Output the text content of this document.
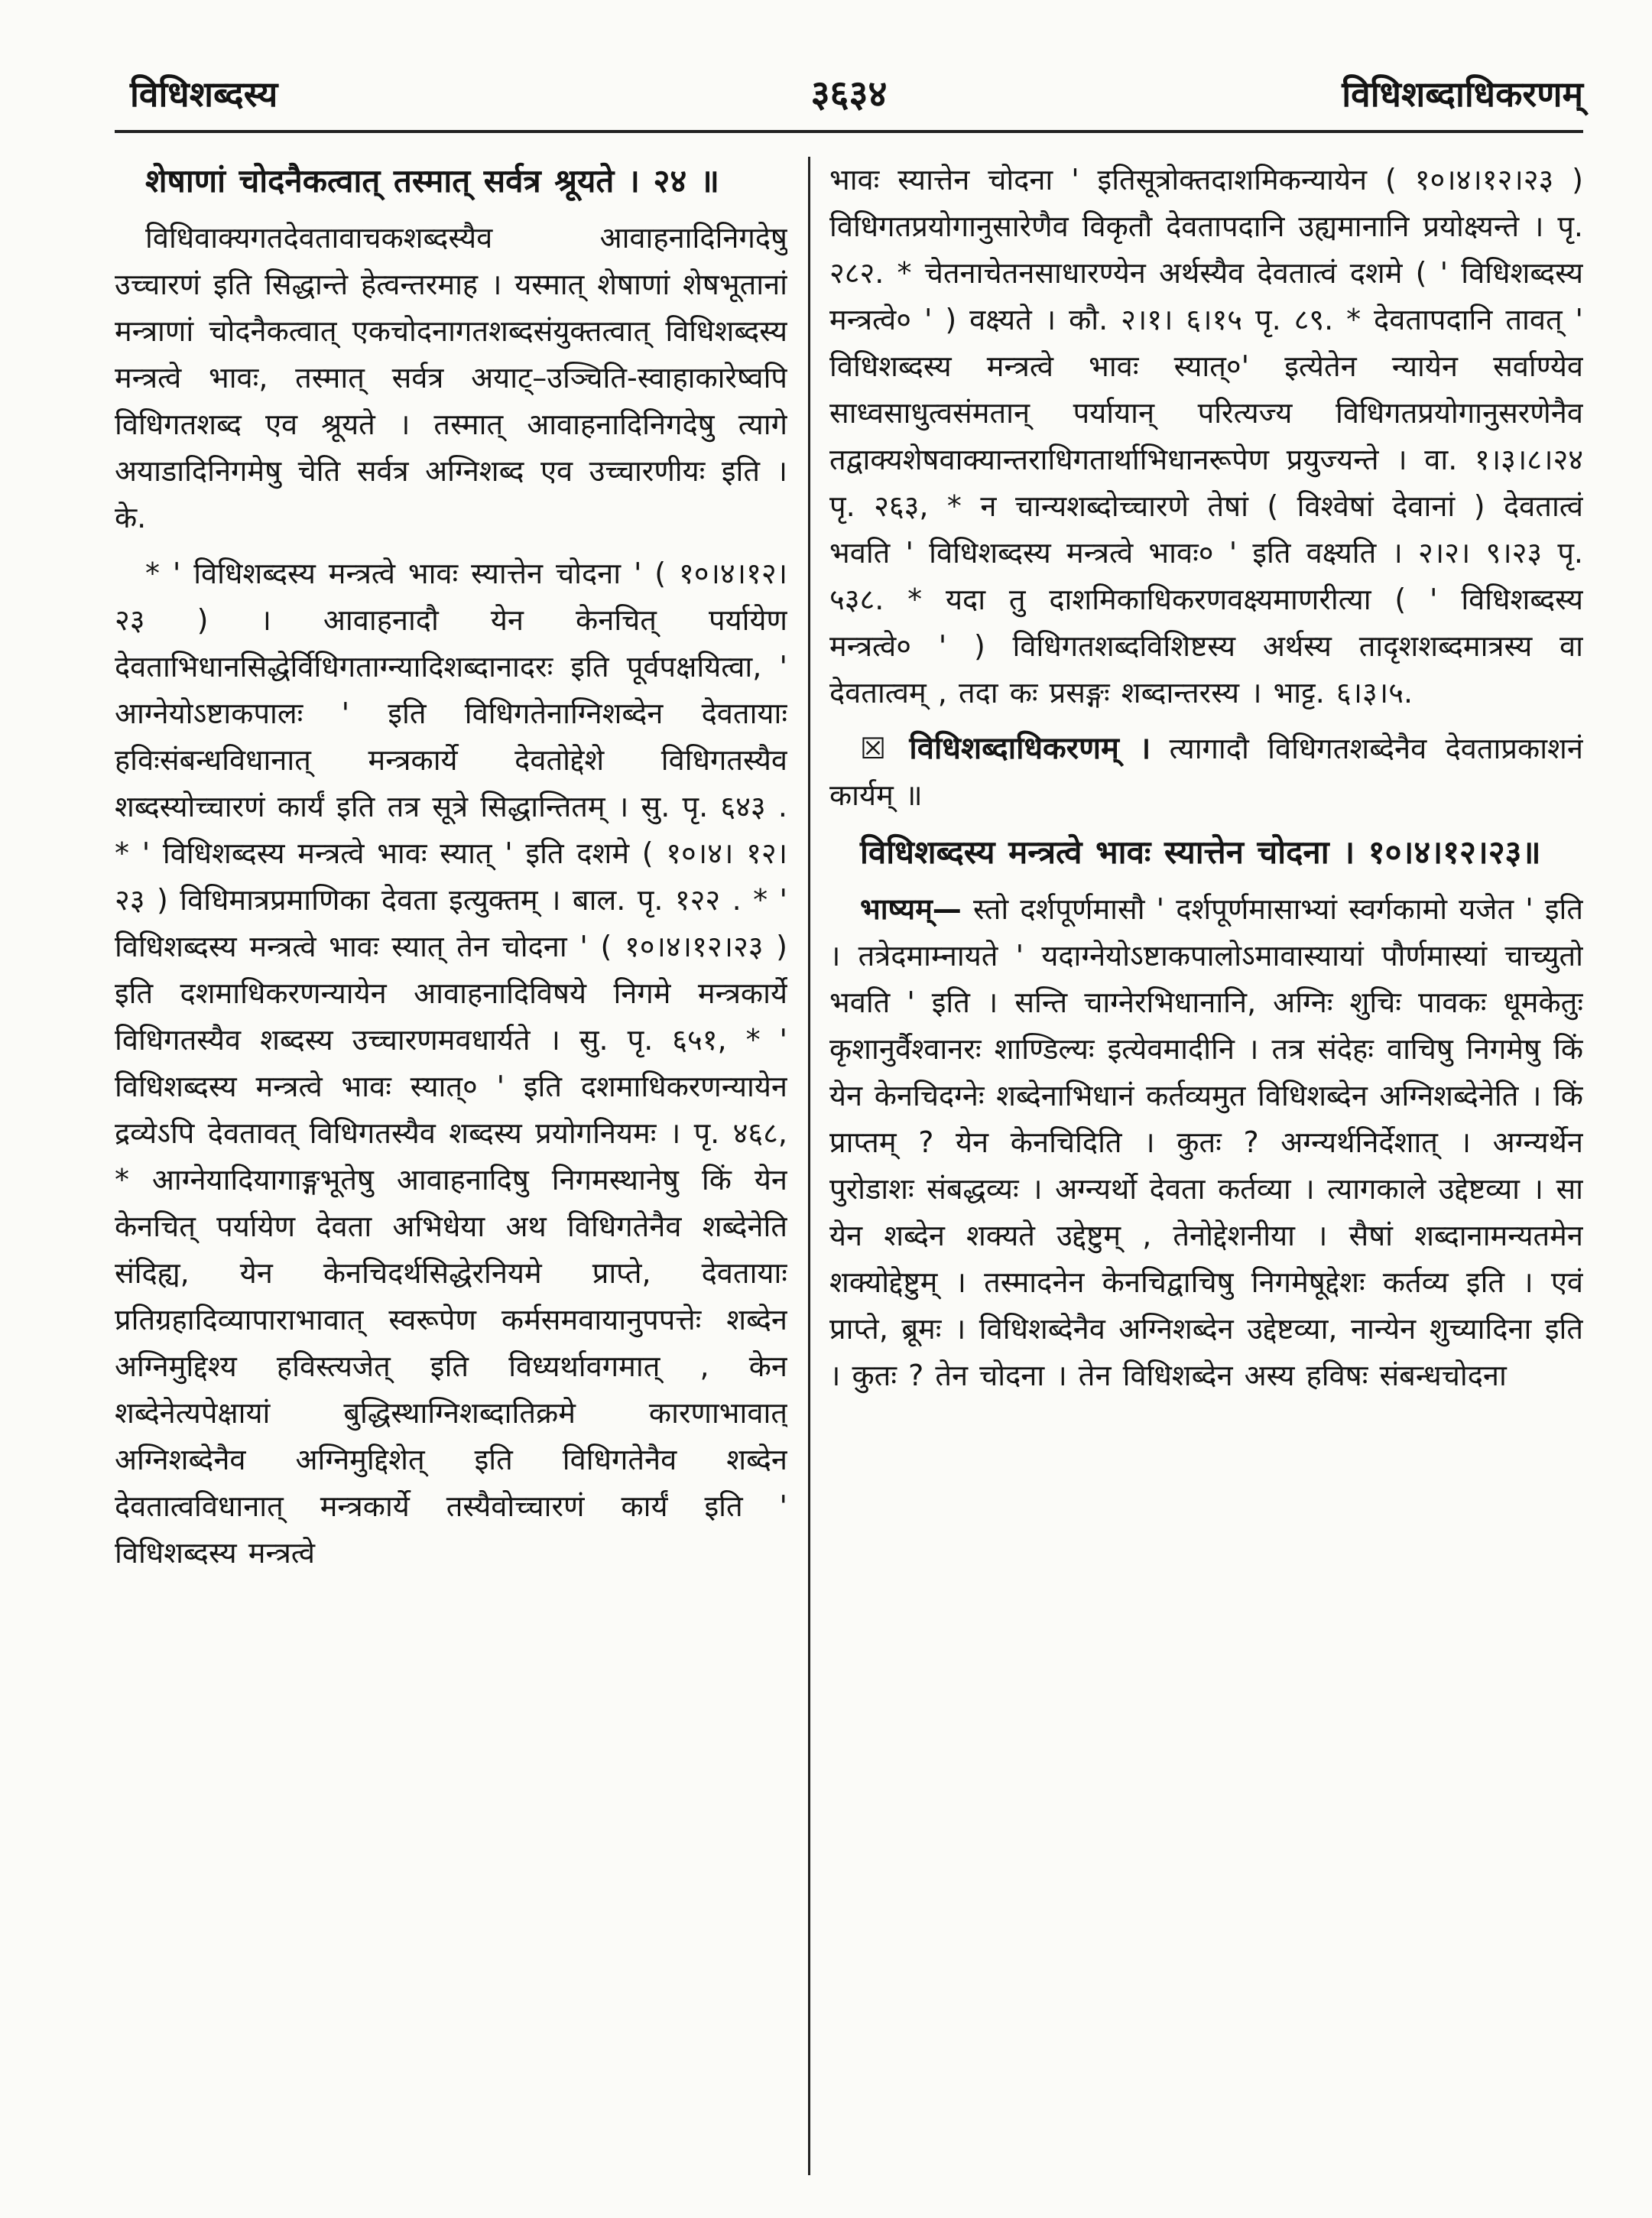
३६३४
विधिशब्दस्य	विधिशब्दाधिकरणम्

शेषाणां चोदनैकत्वात् तस्मात् सर्वत्र श्रूयते । २४ ॥

विधिवाक्यगतदेवतावाचकशब्दस्यैव आवाहनादिनिगदेषु उच्चारणं इति सिद्धान्ते हेत्वन्तरमाह । यस्मात् शेषाणां शेषभूतानां मन्त्राणां चोदनैकत्वात् एकचोदनागतशब्दसंयुक्तत्वात् विधिशब्दस्य मन्त्रत्वे भावः, तस्मात् सर्वत्र अयाट्–उञ्चिति-स्वाहाकारेष्वपि विधिगतशब्द एव श्रूयते । तस्मात् आवाहनादिनिगदेषु त्यागे अयाडादिनिगमेषु चेति सर्वत्र अग्निशब्द एव उच्चारणीयः इति । के.

* ' विधिशब्दस्य मन्त्रत्वे भावः स्यात्तेन चोदना ' ( १०।४।१२।२३ ) । आवाहनादौ येन केनचित् पर्यायेण देवताभिधानसिद्धेर्विधिगताग्न्यादिशब्दानादरः इति पूर्वपक्षयित्वा, ' आग्नेयोऽष्टाकपालः ' इति विधिगतेनाग्निशब्देन देवतायाः हविःसंबन्धविधानात् मन्त्रकार्ये देवतोद्देशे विधिगतस्यैव शब्दस्योच्चारणं कार्यं इति तत्र सूत्रे सिद्धान्तितम् । सु. पृ. ६४३ . * ' विधिशब्दस्य मन्त्रत्वे भावः स्यात् ' इति दशमे ( १०।४। १२।२३ ) विधिमात्रप्रमाणिका देवता इत्युक्तम् । बाल. पृ. १२२ . * ' विधिशब्दस्य मन्त्रत्वे भावः स्यात् तेन चोदना ' ( १०।४।१२।२३ ) इति दशमाधिकरणन्यायेन आवाहनादिविषये निगमे मन्त्रकार्ये विधिगतस्यैव शब्दस्य उच्चारणमवधार्यते । सु. पृ. ६५१, * ' विधिशब्दस्य मन्त्रत्वे भावः स्यात्० ' इति दशमाधिकरणन्यायेन द्रव्येऽपि देवतावत् विधिगतस्यैव शब्दस्य प्रयोगनियमः । पृ. ४६८, * आग्नेयादियागाङ्गभूतेषु आवाहनादिषु निगमस्थानेषु किं येन केनचित् पर्यायेण देवता अभिधेया अथ विधिगतेनैव शब्देनेति संदिह्य, येन केनचिदर्थसिद्धेरनियमे प्राप्ते, देवतायाः प्रतिग्रहादिव्यापाराभावात् स्वरूपेण कर्मसमवायानुपपत्तेः शब्देन अग्निमुद्दिश्य हविस्त्यजेत् इति विध्यर्थावगमात् , केन शब्देनेत्यपेक्षायां बुद्धिस्थाग्निशब्दातिक्रमे कारणाभावात् अग्निशब्देनैव अग्निमुद्दिशेत् इति विधिगतेनैव शब्देन देवतात्वविधानात् मन्त्रकार्ये तस्यैवोच्चारणं कार्यं इति ' विधिशब्दस्य मन्त्रत्वे

भावः स्यात्तेन चोदना ' इतिसूत्रोक्तदाशमिकन्यायेन ( १०।४।१२।२३ ) विधिगतप्रयोगानुसारेणैव विकृतौ देवतापदानि उह्यमानानि प्रयोक्ष्यन्ते । पृ. २८२. * चेतनाचेतनसाधारण्येन अर्थस्यैव देवतात्वं दशमे ( ' विधिशब्दस्य मन्त्रत्वे० ' ) वक्ष्यते । कौ. २।१। ६।१५ पृ. ८९. * देवतापदानि तावत् ' विधिशब्दस्य मन्त्रत्वे भावः स्यात्०' इत्येतेन न्यायेन सर्वाण्येव साध्वसाधुत्वसंमतान् पर्यायान् परित्यज्य विधिगतप्रयोगानुसरणेनैव तद्वाक्यशेषवाक्यान्तराधिगतार्थाभिधानरूपेण प्रयुज्यन्ते । वा. १।३।८।२४ पृ. २६३, * न चान्यशब्दोच्चारणे तेषां ( विश्वेषां देवानां ) देवतात्वं भवति ' विधिशब्दस्य मन्त्रत्वे भावः० ' इति वक्ष्यति । २।२। ९।२३ पृ. ५३८. * यदा तु दाशमिकाधिकरणवक्ष्यमाणरीत्या ( ' विधिशब्दस्य मन्त्रत्वे० ' ) विधिगतशब्दविशिष्टस्य अर्थस्य तादृशशब्दमात्रस्य वा देवतात्वम् , तदा कः प्रसङ्गः शब्दान्तरस्य । भाट्ट. ६।३।५.

☒ विधिशब्दाधिकरणम् । त्यागादौ विधिगतशब्देनैव देवताप्रकाशनं कार्यम् ॥

विधिशब्दस्य मन्त्रत्वे भावः स्यात्तेन चोदना । १०।४।१२।२३॥

भाष्यम्— स्तो दर्शपूर्णमासौ ' दर्शपूर्णमासाभ्यां स्वर्गकामो यजेत ' इति । तत्रेदमाम्नायते ' यदाग्नेयोऽष्टाकपालोऽमावास्यायां पौर्णमास्यां चाच्युतो भवति ' इति । सन्ति चाग्नेरभिधानानि, अग्निः शुचिः पावकः धूमकेतुः कृशानुर्वैश्वानरः शाण्डिल्यः इत्येवमादीनि । तत्र संदेहः वाचिषु निगमेषु किं येन केनचिदग्नेः शब्देनाभिधानं कर्तव्यमुत विधिशब्देन अग्निशब्देनेति । किं प्राप्तम् ? येन केनचिदिति । कुतः ? अग्न्यर्थनिर्देशात् । अग्न्यर्थेन पुरोडाशः संबद्धव्यः । अग्न्यर्थो देवता कर्तव्या । त्यागकाले उद्देष्टव्या । सा येन शब्देन शक्यते उद्देष्टुम् , तेनोद्देशनीया । सैषां शब्दानामन्यतमेन शक्योद्देष्टुम् । तस्मादनेन केनचिद्वाचिषु निगमेषूद्देशः कर्तव्य इति । एवं प्राप्ते, ब्रूमः । विधिशब्देनैव अग्निशब्देन उद्देष्टव्या, नान्येन शुच्यादिना इति । कुतः ? तेन चोदना । तेन विधिशब्देन अस्य हविषः संबन्धचोदना
